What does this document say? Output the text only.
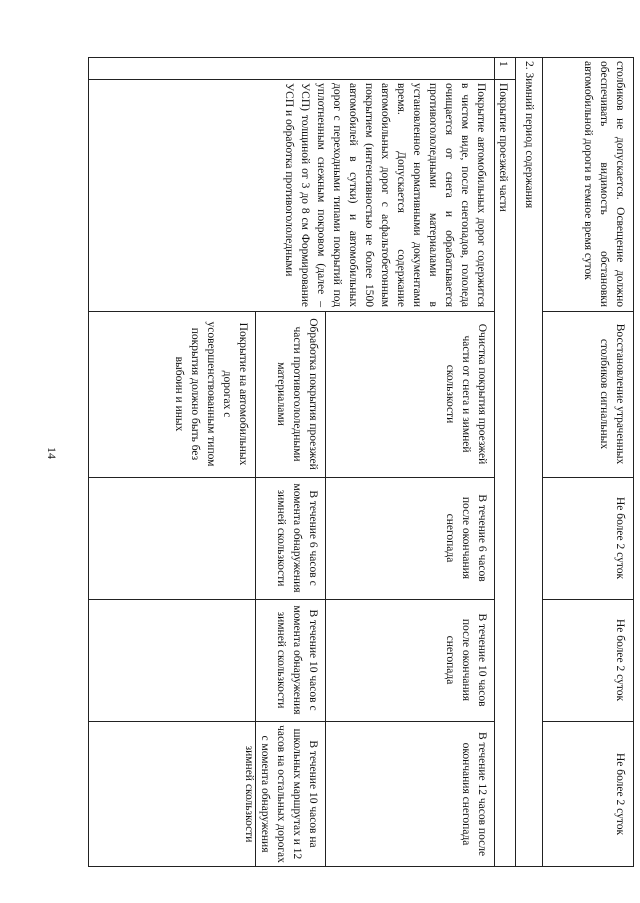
14
столбиков не допускается. Освещение должно обеспечивать видимость обстановки автомобильной дороги в темное время суток
Восстановление утраченных столбиков сигнальных
Не более 2 суток
Не более 2 суток
Не более 2 суток
2. Зимний период содержания
1
Покрытие проезжей части
Покрытие автомобильных дорог содержится в чистом виде, после снегопадов, гололеда очищается от снега и обрабатывается противогололедными материалами в установленное нормативными документами время. Допускается содержание автомобильных дорог с асфальтобетонным покрытием (интенсивностью не более 1500 автомобилей в сутки) и автомобильных дорог с переходными типами покрытий под уплотненным снежным покровом (далее – УСП) толщиной от 3 до 8 см Формирование УСП и обработка противогололедными
Очистка покрытия проезжей части от снега и зимней скользкости
В течение 6 часов после окончания снегопада
В течение 10 часов после окончания снегопада
В течение 12 часов после окончания снегопада
Обработка покрытия проезжей части противогололедными материалами
В течение 6 часов с момента обнаружения зимней скользкости
В течение 10 часов с момента обнаружения зимней скользкости
В течение 10 часов на школьных маршрутах и 12 часов на остальных дорогах с момента обнаружения зимней скользкости
Покрытие на автомобильных дорогах с усовершенствованным типом покрытия должно быть без выбоин и иных
